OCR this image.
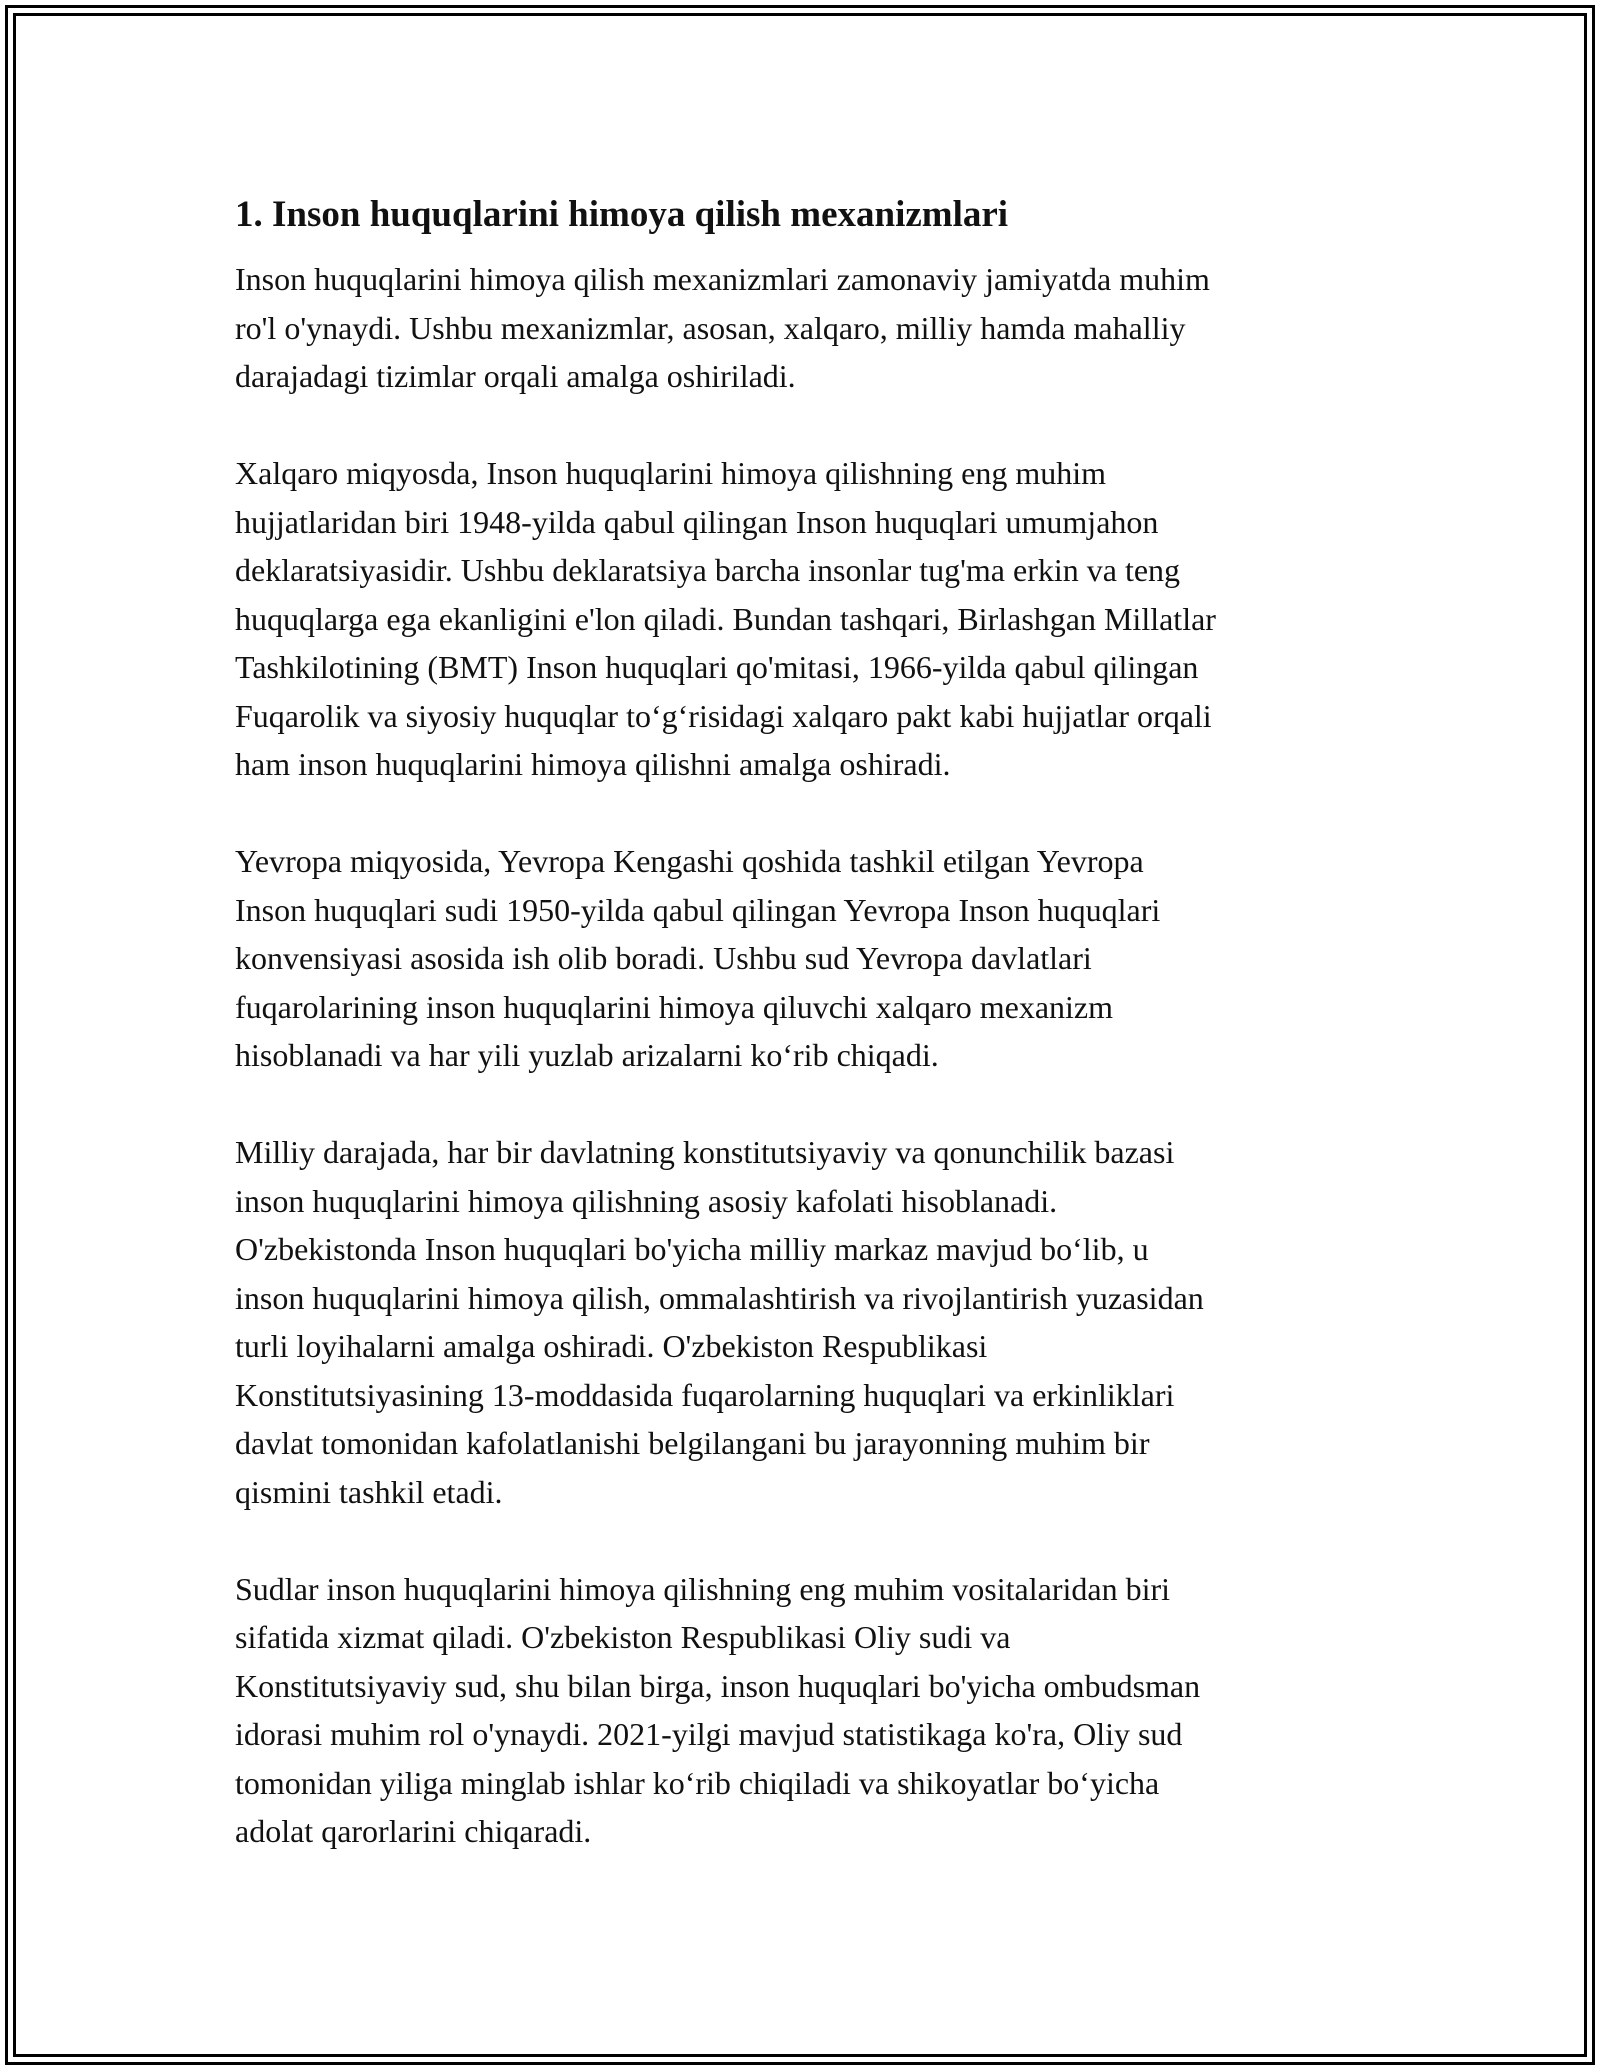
1. Inson huquqlarini himoya qilish mexanizmlari
Inson huquqlarini himoya qilish mexanizmlari zamonaviy jamiyatda muhim
ro'l o'ynaydi. Ushbu mexanizmlar, asosan, xalqaro, milliy hamda mahalliy
darajadagi tizimlar orqali amalga oshiriladi.
Xalqaro miqyosda, Inson huquqlarini himoya qilishning eng muhim
hujjatlaridan biri 1948-yilda qabul qilingan Inson huquqlari umumjahon
deklaratsiyasidir. Ushbu deklaratsiya barcha insonlar tug'ma erkin va teng
huquqlarga ega ekanligini e'lon qiladi. Bundan tashqari, Birlashgan Millatlar
Tashkilotining (BMT) Inson huquqlari qo'mitasi, 1966-yilda qabul qilingan
Fuqarolik va siyosiy huquqlar to‘g‘risidagi xalqaro pakt kabi hujjatlar orqali
ham inson huquqlarini himoya qilishni amalga oshiradi.
Yevropa miqyosida, Yevropa Kengashi qoshida tashkil etilgan Yevropa
Inson huquqlari sudi 1950-yilda qabul qilingan Yevropa Inson huquqlari
konvensiyasi asosida ish olib boradi. Ushbu sud Yevropa davlatlari
fuqarolarining inson huquqlarini himoya qiluvchi xalqaro mexanizm
hisoblanadi va har yili yuzlab arizalarni ko‘rib chiqadi.
Milliy darajada, har bir davlatning konstitutsiyaviy va qonunchilik bazasi
inson huquqlarini himoya qilishning asosiy kafolati hisoblanadi.
O'zbekistonda Inson huquqlari bo'yicha milliy markaz mavjud bo‘lib, u
inson huquqlarini himoya qilish, ommalashtirish va rivojlantirish yuzasidan
turli loyihalarni amalga oshiradi. O'zbekiston Respublikasi
Konstitutsiyasining 13-moddasida fuqarolarning huquqlari va erkinliklari
davlat tomonidan kafolatlanishi belgilangani bu jarayonning muhim bir
qismini tashkil etadi.
Sudlar inson huquqlarini himoya qilishning eng muhim vositalaridan biri
sifatida xizmat qiladi. O'zbekiston Respublikasi Oliy sudi va
Konstitutsiyaviy sud, shu bilan birga, inson huquqlari bo'yicha ombudsman
idorasi muhim rol o'ynaydi. 2021-yilgi mavjud statistikaga ko'ra, Oliy sud
tomonidan yiliga minglab ishlar ko‘rib chiqiladi va shikoyatlar bo‘yicha
adolat qarorlarini chiqaradi.
